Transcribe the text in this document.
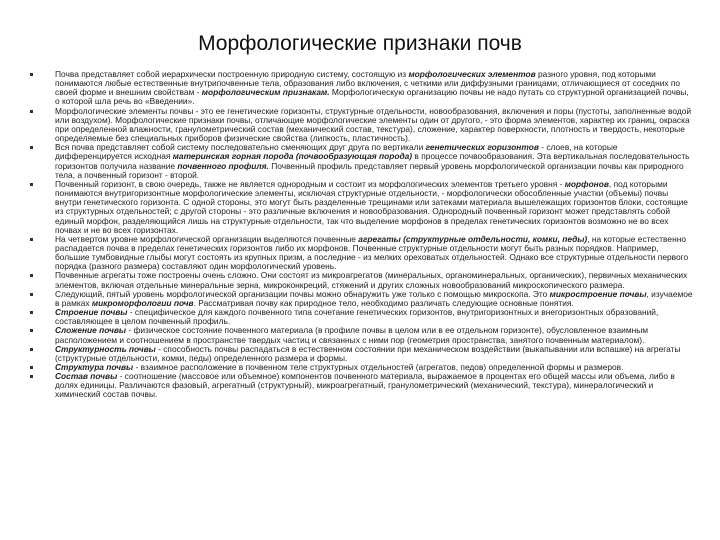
Морфологические признаки почв
Почва представляет собой иерархически построенную природную систему, состоящую из морфологических элементов разного уровня, под которыми понимаются любые естественные внутрипочвенные тела, образования либо включения, с четкими или диффузными границами, отличающиеся от соседних по своей форме и внешним свойствам - морфологическим признакам. Морфологическую организацию почвы не надо путать со структурной организацией почвы, о которой шла речь во «Введении».
Морфологические элементы почвы - это ее генетические горизонты, структурные отдельности, новообразования, включения и поры (пустоты, заполненные водой или воздухом). Морфологические признаки почвы, отличающие морфологические элементы один от другого, - это форма элементов, характер их границ, окраска при определенной влажности, гранулометрический состав (механический состав, текстура), сложение, характер поверхности, плотность и твердость, некоторые определяемые без специальных приборов физические свойства (липкость, пластичность).
Вся почва представляет собой систему последовательно сменяющих друг друга по вертикали генетических горизонтов - слоев, на которые дифференцируется исходная материнская горная порода (почвообразующая порода) в процессе почвообразования. Эта вертикальная последовательность горизонтов получила название почвенного профиля. Почвенный профиль представляет первый уровень морфологической организации почвы как природного тела, а почвенный горизонт - второй.
Почвенный горизонт, в свою очередь, также не является однородным и состоит из морфологических элементов третьего уровня - морфонов, под которыми понимаются внутригоризонтные морфологические элементы, исключая структурные отдельности, - морфологически обособленные участки (объемы) почвы внутри генетического горизонта. С одной стороны, это могут быть разделенные трещинами или затеками материала вышележащих горизонтов блоки, состоящие из структурных отдельностей; с другой стороны - это различные включения и новообразования. Однородный почвенный горизонт может представлять собой единый морфон, разделяющийся лишь на структурные отдельности, так что выделение морфонов в пределах генетических горизонтов возможно не во всех почвах и не во всех горизонтах.
На четвертом уровне морфологической организации выделяются почвенные агрегаты (структурные отдельности, комки, педы), на которые естественно распадается почва в пределах генетических горизонтов либо их морфонов. Почвенные структурные отдельности могут быть разных порядков. Например, большие тумбовидные глыбы могут состоять из крупных призм, а последние - из мелких ореховатых отдельностей. Однако все структурные отдельности первого порядка (разного размера) составляют один морфологический уровень.
Почвенные агрегаты тоже построены очень сложно. Они состоят из микроагрегатов (минеральных, органоминеральных, органических), первичных механических элементов, включая отдельные минеральные зерна, микроконкреций, стяжений и других сложных новообразований микроскопического размера.
Следующий, пятый уровень морфологической организации почвы можно обнаружить уже только с помощью микроскопа. Это микростроение почвы, изучаемое в рамках микроморфологии почв. Рассматривая почву как природное тело, необходимо различать следующие основные понятия.
Строение почвы - специфическое для каждого почвенного типа сочетание генетических горизонтов, внутригоризонтных и внегоризонтных образований, составляющее в целом почвенный профиль.
Сложение почвы - физическое состояние почвенного материала (в профиле почвы в целом или в ее отдельном горизонте), обусловленное взаимным расположением и соотношением в пространстве твердых частиц и связанных с ними пор (геометрия пространства, занятого почвенным материалом).
Структурность почвы - способность почвы распадаться в естественном состоянии при механическом воздействии (выкапывании или вспашке) на агрегаты (структурные отдельности, комки, педы) определенного размера и формы.
Структура почвы - взаимное расположение в почвенном теле структурных отдельностей (агрегатов, педов) определенной формы и размеров.
Состав почвы - соотношение (массовое или объемное) компонентов почвенного материала, выражаемое в процентах его общей массы или объема, либо в долях единицы. Различаются фазовый, агрегатный (структурный), микроагрегатный, гранулометрический (механический, текстура), минералогический и химический состав почвы.
